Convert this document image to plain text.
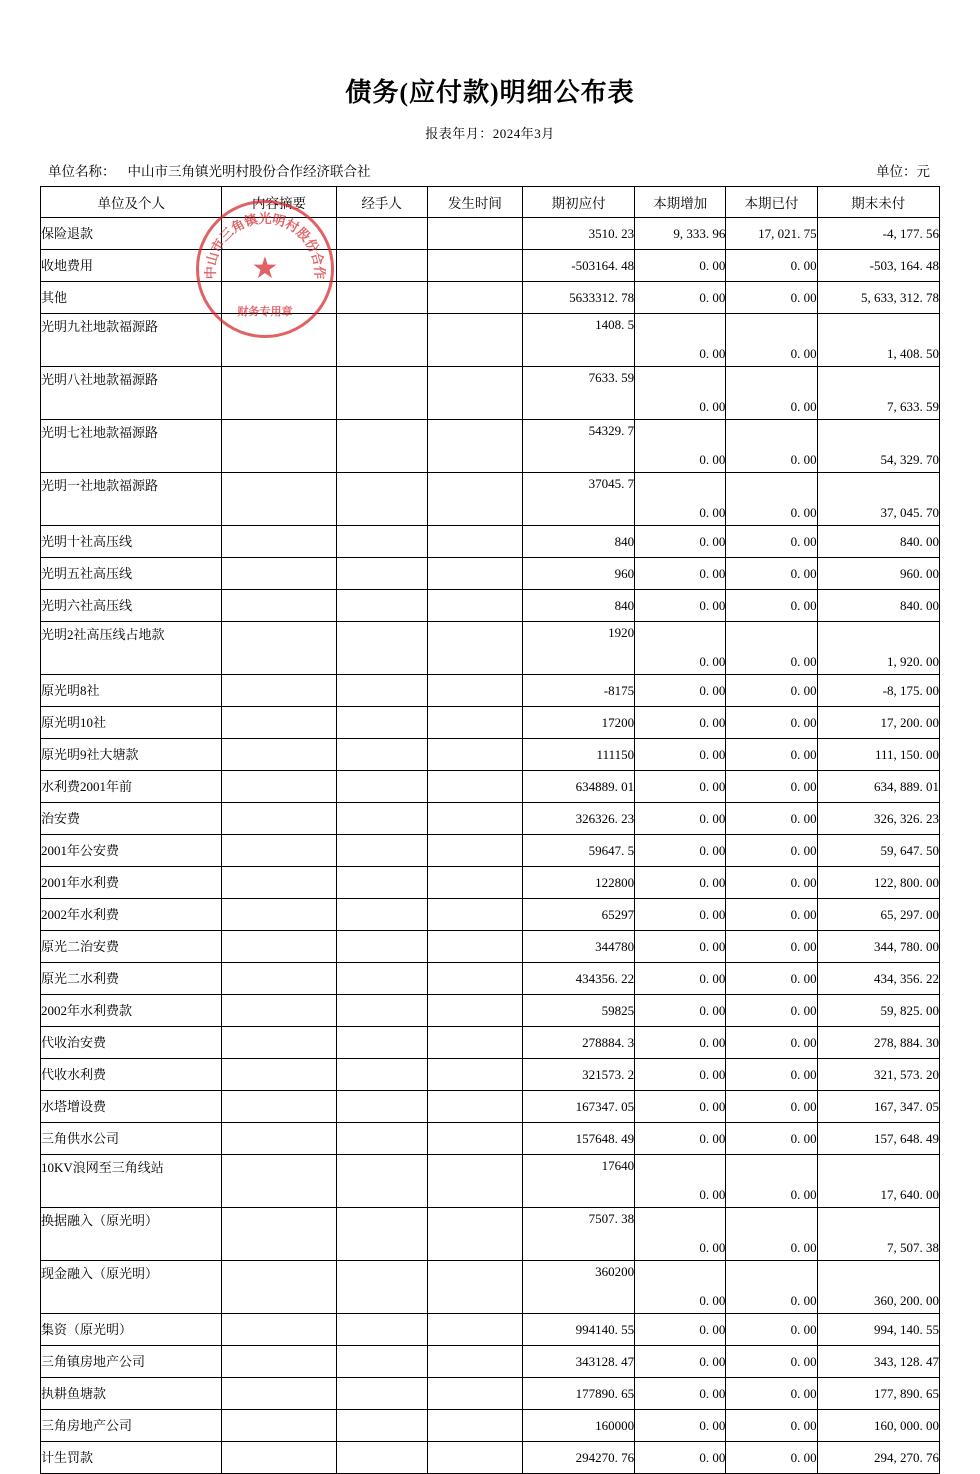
债务(应付款)明细公布表
报表年月：2024年3月
单位名称： 中山市三角镇光明村股份合作经济联合社	单位：元
单位及个人	内容摘要	经手人	发生时间	期初应付	本期增加	本期已付	期末未付
保险退款				3510. 23	9, 333. 96	17, 021. 75	-4, 177. 56
收地费用				-503164. 48	0. 00	0. 00	-503, 164. 48
其他				5633312. 78	0. 00	0. 00	5, 633, 312. 78
光明九社地款福源路				1408. 5	0. 00	0. 00	1, 408. 50
光明八社地款福源路				7633. 59	0. 00	0. 00	7, 633. 59
光明七社地款福源路				54329. 7	0. 00	0. 00	54, 329. 70
光明一社地款福源路				37045. 7	0. 00	0. 00	37, 045. 70
光明十社高压线				840	0. 00	0. 00	840. 00
光明五社高压线				960	0. 00	0. 00	960. 00
光明六社高压线				840	0. 00	0. 00	840. 00
光明2社高压线占地款				1920	0. 00	0. 00	1, 920. 00
原光明8社				-8175	0. 00	0. 00	-8, 175. 00
原光明10社				17200	0. 00	0. 00	17, 200. 00
原光明9社大塘款				111150	0. 00	0. 00	111, 150. 00
水利费2001年前				634889. 01	0. 00	0. 00	634, 889. 01
治安费				326326. 23	0. 00	0. 00	326, 326. 23
2001年公安费				59647. 5	0. 00	0. 00	59, 647. 50
2001年水利费				122800	0. 00	0. 00	122, 800. 00
2002年水利费				65297	0. 00	0. 00	65, 297. 00
原光二治安费				344780	0. 00	0. 00	344, 780. 00
原光二水利费				434356. 22	0. 00	0. 00	434, 356. 22
2002年水利费款				59825	0. 00	0. 00	59, 825. 00
代收治安费				278884. 3	0. 00	0. 00	278, 884. 30
代收水利费				321573. 2	0. 00	0. 00	321, 573. 20
水塔增设费				167347. 05	0. 00	0. 00	167, 347. 05
三角供水公司				157648. 49	0. 00	0. 00	157, 648. 49
10KV浪网至三角线站				17640	0. 00	0. 00	17, 640. 00
换据融入（原光明）				7507. 38	0. 00	0. 00	7, 507. 38
现金融入（原光明）				360200	0. 00	0. 00	360, 200. 00
集资（原光明）				994140. 55	0. 00	0. 00	994, 140. 55
三角镇房地产公司				343128. 47	0. 00	0. 00	343, 128. 47
执耕鱼塘款				177890. 65	0. 00	0. 00	177, 890. 65
三角房地产公司				160000	0. 00	0. 00	160, 000. 00
计生罚款				294270. 76	0. 00	0. 00	294, 270. 76
中山市三角镇光明村股份合作
★
财务专用章
